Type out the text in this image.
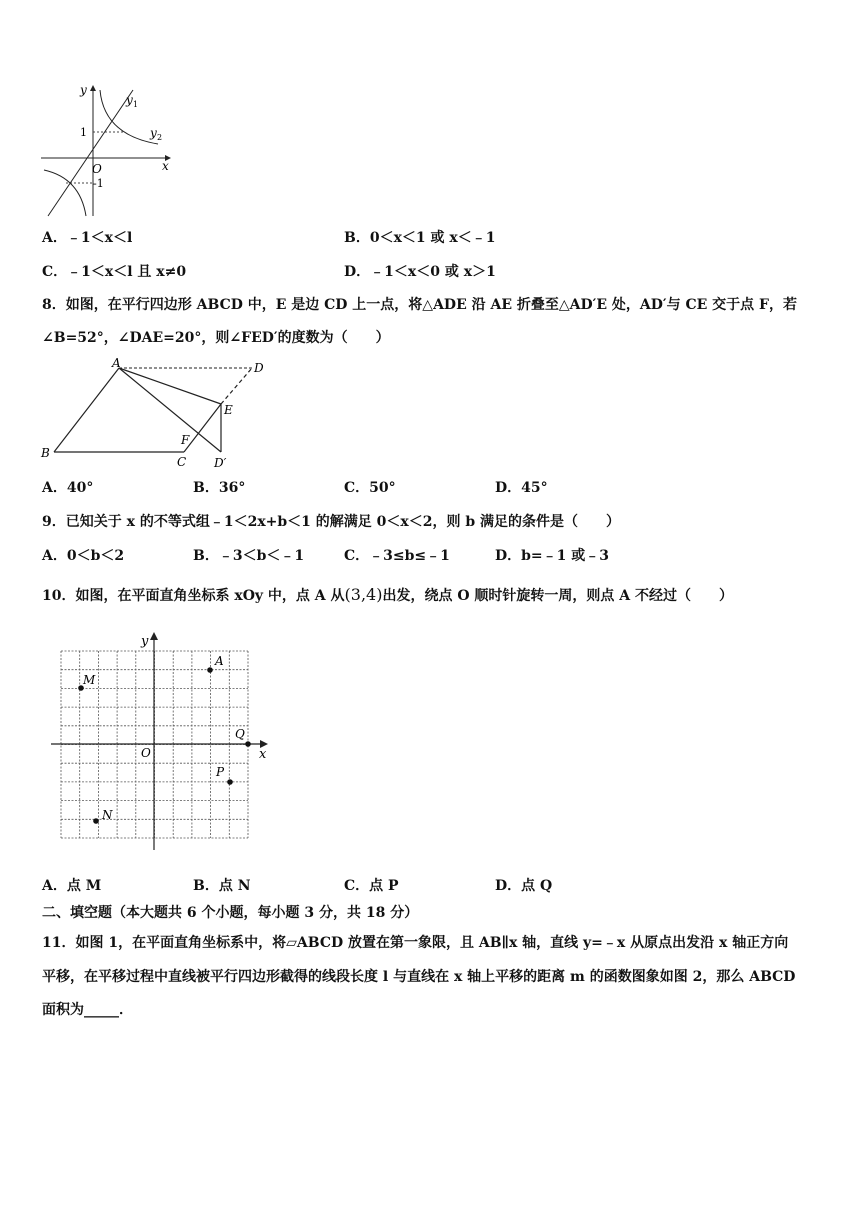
y
x
O
y 1
y 2
1
-1
A．﹣1＜x＜l	B．0＜x＜1 或 x＜﹣1
C．﹣1＜x＜l 且 x≠0	D．﹣1＜x＜0 或 x＞1
8．如图，在平行四边形 ABCD 中，E 是边 CD 上一点，将△ADE 沿 AE 折叠至△AD′E 处，AD′与 CE 交于点 F，若
∠B=52°，∠DAE=20°，则∠FED′的度数为（　　）
A
B
C
D
E
F
D′
A．40°	B．36°	C．50°	D．45°
9．已知关于 x 的不等式组﹣1＜2x+b＜1 的解满足 0＜x＜2，则 b 满足的条件是（　　）
A．0＜b＜2	B．﹣3＜b＜﹣1	C．﹣3≤b≤﹣1	D．b=﹣1 或﹣3
10．如图，在平面直角坐标系 xOy 中，点 A 从(3,4)出发，绕点 O 顺时针旋转一周，则点 A 不经过（　　）
y
x
O
A
M
Q
P
N
A．点 M	B．点 N	C．点 P	D．点 Q
二、填空题（本大题共 6 个小题，每小题 3 分，共 18 分）
11．如图 1，在平面直角坐标系中，将▱ABCD 放置在第一象限，且 AB∥x 轴，直线 y=﹣x 从原点出发沿 x 轴正方向
平移，在平移过程中直线被平行四边形截得的线段长度 l 与直线在 x 轴上平移的距离 m 的函数图象如图 2，那么 ABCD
面积为_____．
